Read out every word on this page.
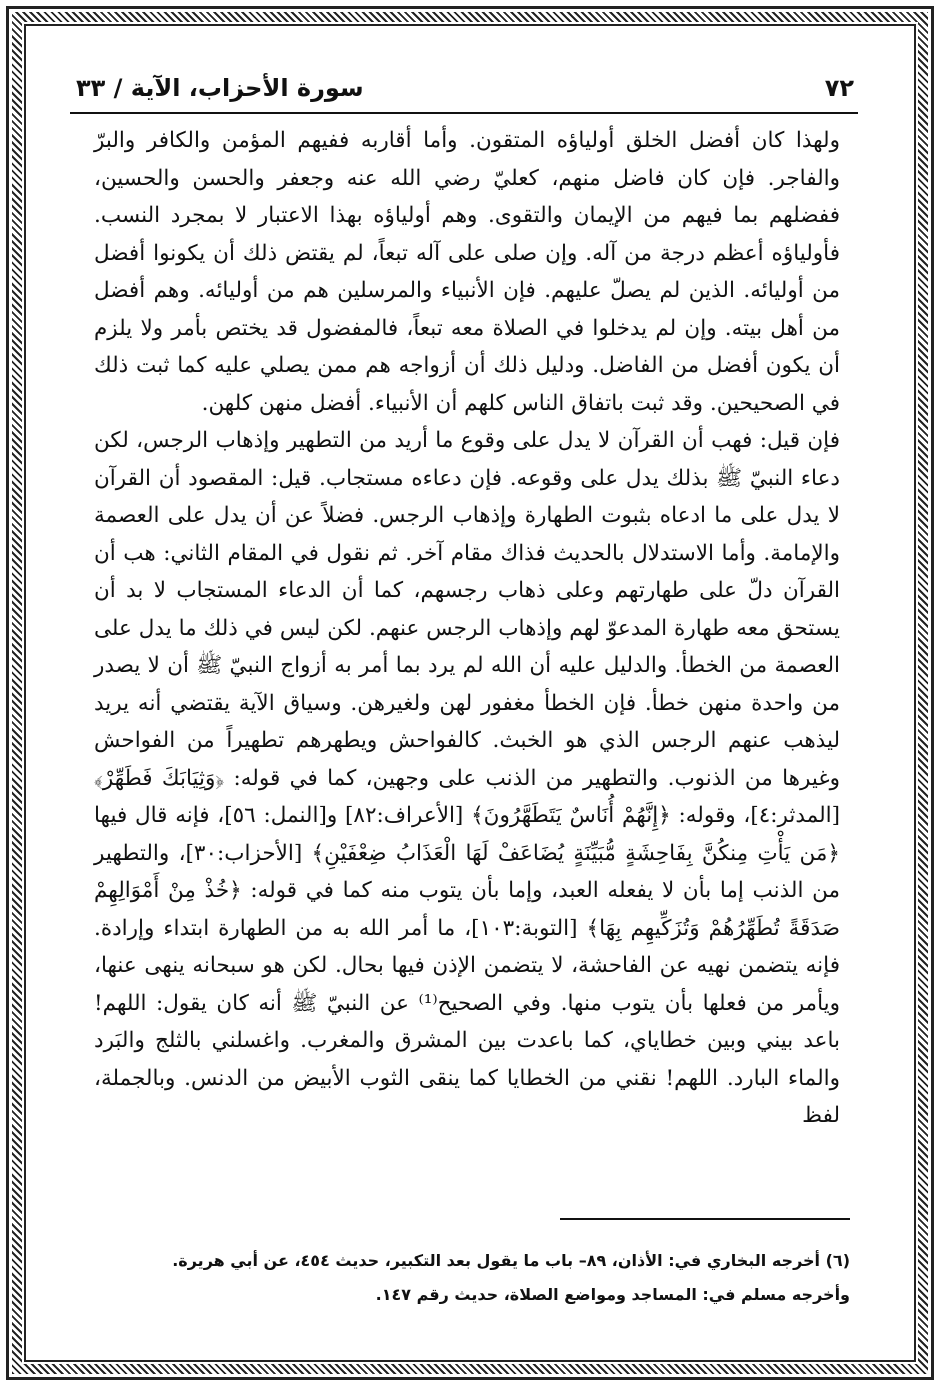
٧٢
سورة الأحزاب، الآية / ٣٣

ولهذا كان أفضل الخلق أولياؤه المتقون. وأما أقاربه ففيهم المؤمن والكافر والبرّ والفاجر. فإن كان فاضل منهم، كعليّ رضي الله عنه وجعفر والحسن والحسين، ففضلهم بما فيهم من الإيمان والتقوى. وهم أولياؤه بهذا الاعتبار لا بمجرد النسب. فأولياؤه أعظم درجة من آله. وإن صلى على آله تبعاً، لم يقتض ذلك أن يكونوا أفضل من أوليائه. الذين لم يصلّ عليهم. فإن الأنبياء والمرسلين هم من أوليائه. وهم أفضل من أهل بيته. وإن لم يدخلوا في الصلاة معه تبعاً، فالمفضول قد يختص بأمر ولا يلزم أن يكون أفضل من الفاضل. ودليل ذلك أن أزواجه هم ممن يصلي عليه كما ثبت ذلك في الصحيحين. وقد ثبت باتفاق الناس كلهم أن الأنبياء. أفضل منهن كلهن.

فإن قيل: فهب أن القرآن لا يدل على وقوع ما أريد من التطهير وإذهاب الرجس، لكن دعاء النبيّ ﷺ بذلك يدل على وقوعه. فإن دعاءه مستجاب. قيل: المقصود أن القرآن لا يدل على ما ادعاه بثبوت الطهارة وإذهاب الرجس. فضلاً عن أن يدل على العصمة والإمامة. وأما الاستدلال بالحديث فذاك مقام آخر. ثم نقول في المقام الثاني: هب أن القرآن دلّ على طهارتهم وعلى ذهاب رجسهم، كما أن الدعاء المستجاب لا بد أن يستحق معه طهارة المدعوّ لهم وإذهاب الرجس عنهم. لكن ليس في ذلك ما يدل على العصمة من الخطأ. والدليل عليه أن الله لم يرد بما أمر به أزواج النبيّ ﷺ أن لا يصدر من واحدة منهن خطأ. فإن الخطأ مغفور لهن ولغيرهن. وسياق الآية يقتضي أنه يريد ليذهب عنهم الرجس الذي هو الخبث. كالفواحش ويطهرهم تطهيراً من الفواحش وغيرها من الذنوب. والتطهير من الذنب على وجهين، كما في قوله: ﴿وَثِيَابَكَ فَطَهِّرْ﴾ [المدثر:٤]، وقوله: ﴿إِنَّهُمْ أُنَاسٌ يَتَطَهَّرُونَ﴾ [الأعراف:٨٢] و[النمل: ٥٦]، فإنه قال فيها ﴿مَن يَأْتِ مِنكُنَّ بِفَاحِشَةٍ مُّبَيِّنَةٍ يُضَاعَفْ لَهَا الْعَذَابُ ضِعْفَيْنِ﴾ [الأحزاب:٣٠]، والتطهير من الذنب إما بأن لا يفعله العبد، وإما بأن يتوب منه كما في قوله: ﴿خُذْ مِنْ أَمْوَالِهِمْ صَدَقَةً تُطَهِّرُهُمْ وَتُزَكِّيهِم بِهَا﴾ [التوبة:١٠٣]، ما أمر الله به من الطهارة ابتداء وإرادة. فإنه يتضمن نهيه عن الفاحشة، لا يتضمن الإذن فيها بحال. لكن هو سبحانه ينهى عنها، ويأمر من فعلها بأن يتوب منها. وفي الصحيح⁽¹⁾ عن النبيّ ﷺ أنه كان يقول: اللهم! باعد بيني وبين خطاياي، كما باعدت بين المشرق والمغرب. واغسلني بالثلج والبَرد والماء البارد. اللهم! نقني من الخطايا كما ينقى الثوب الأبيض من الدنس. وبالجملة، لفظ

(٦) أخرجه البخاري في: الأذان، ٨٩– باب ما يقول بعد التكبير، حديث ٤٥٤، عن أبي هريرة.
وأخرجه مسلم في: المساجد ومواضع الصلاة، حديث رقم ١٤٧.
